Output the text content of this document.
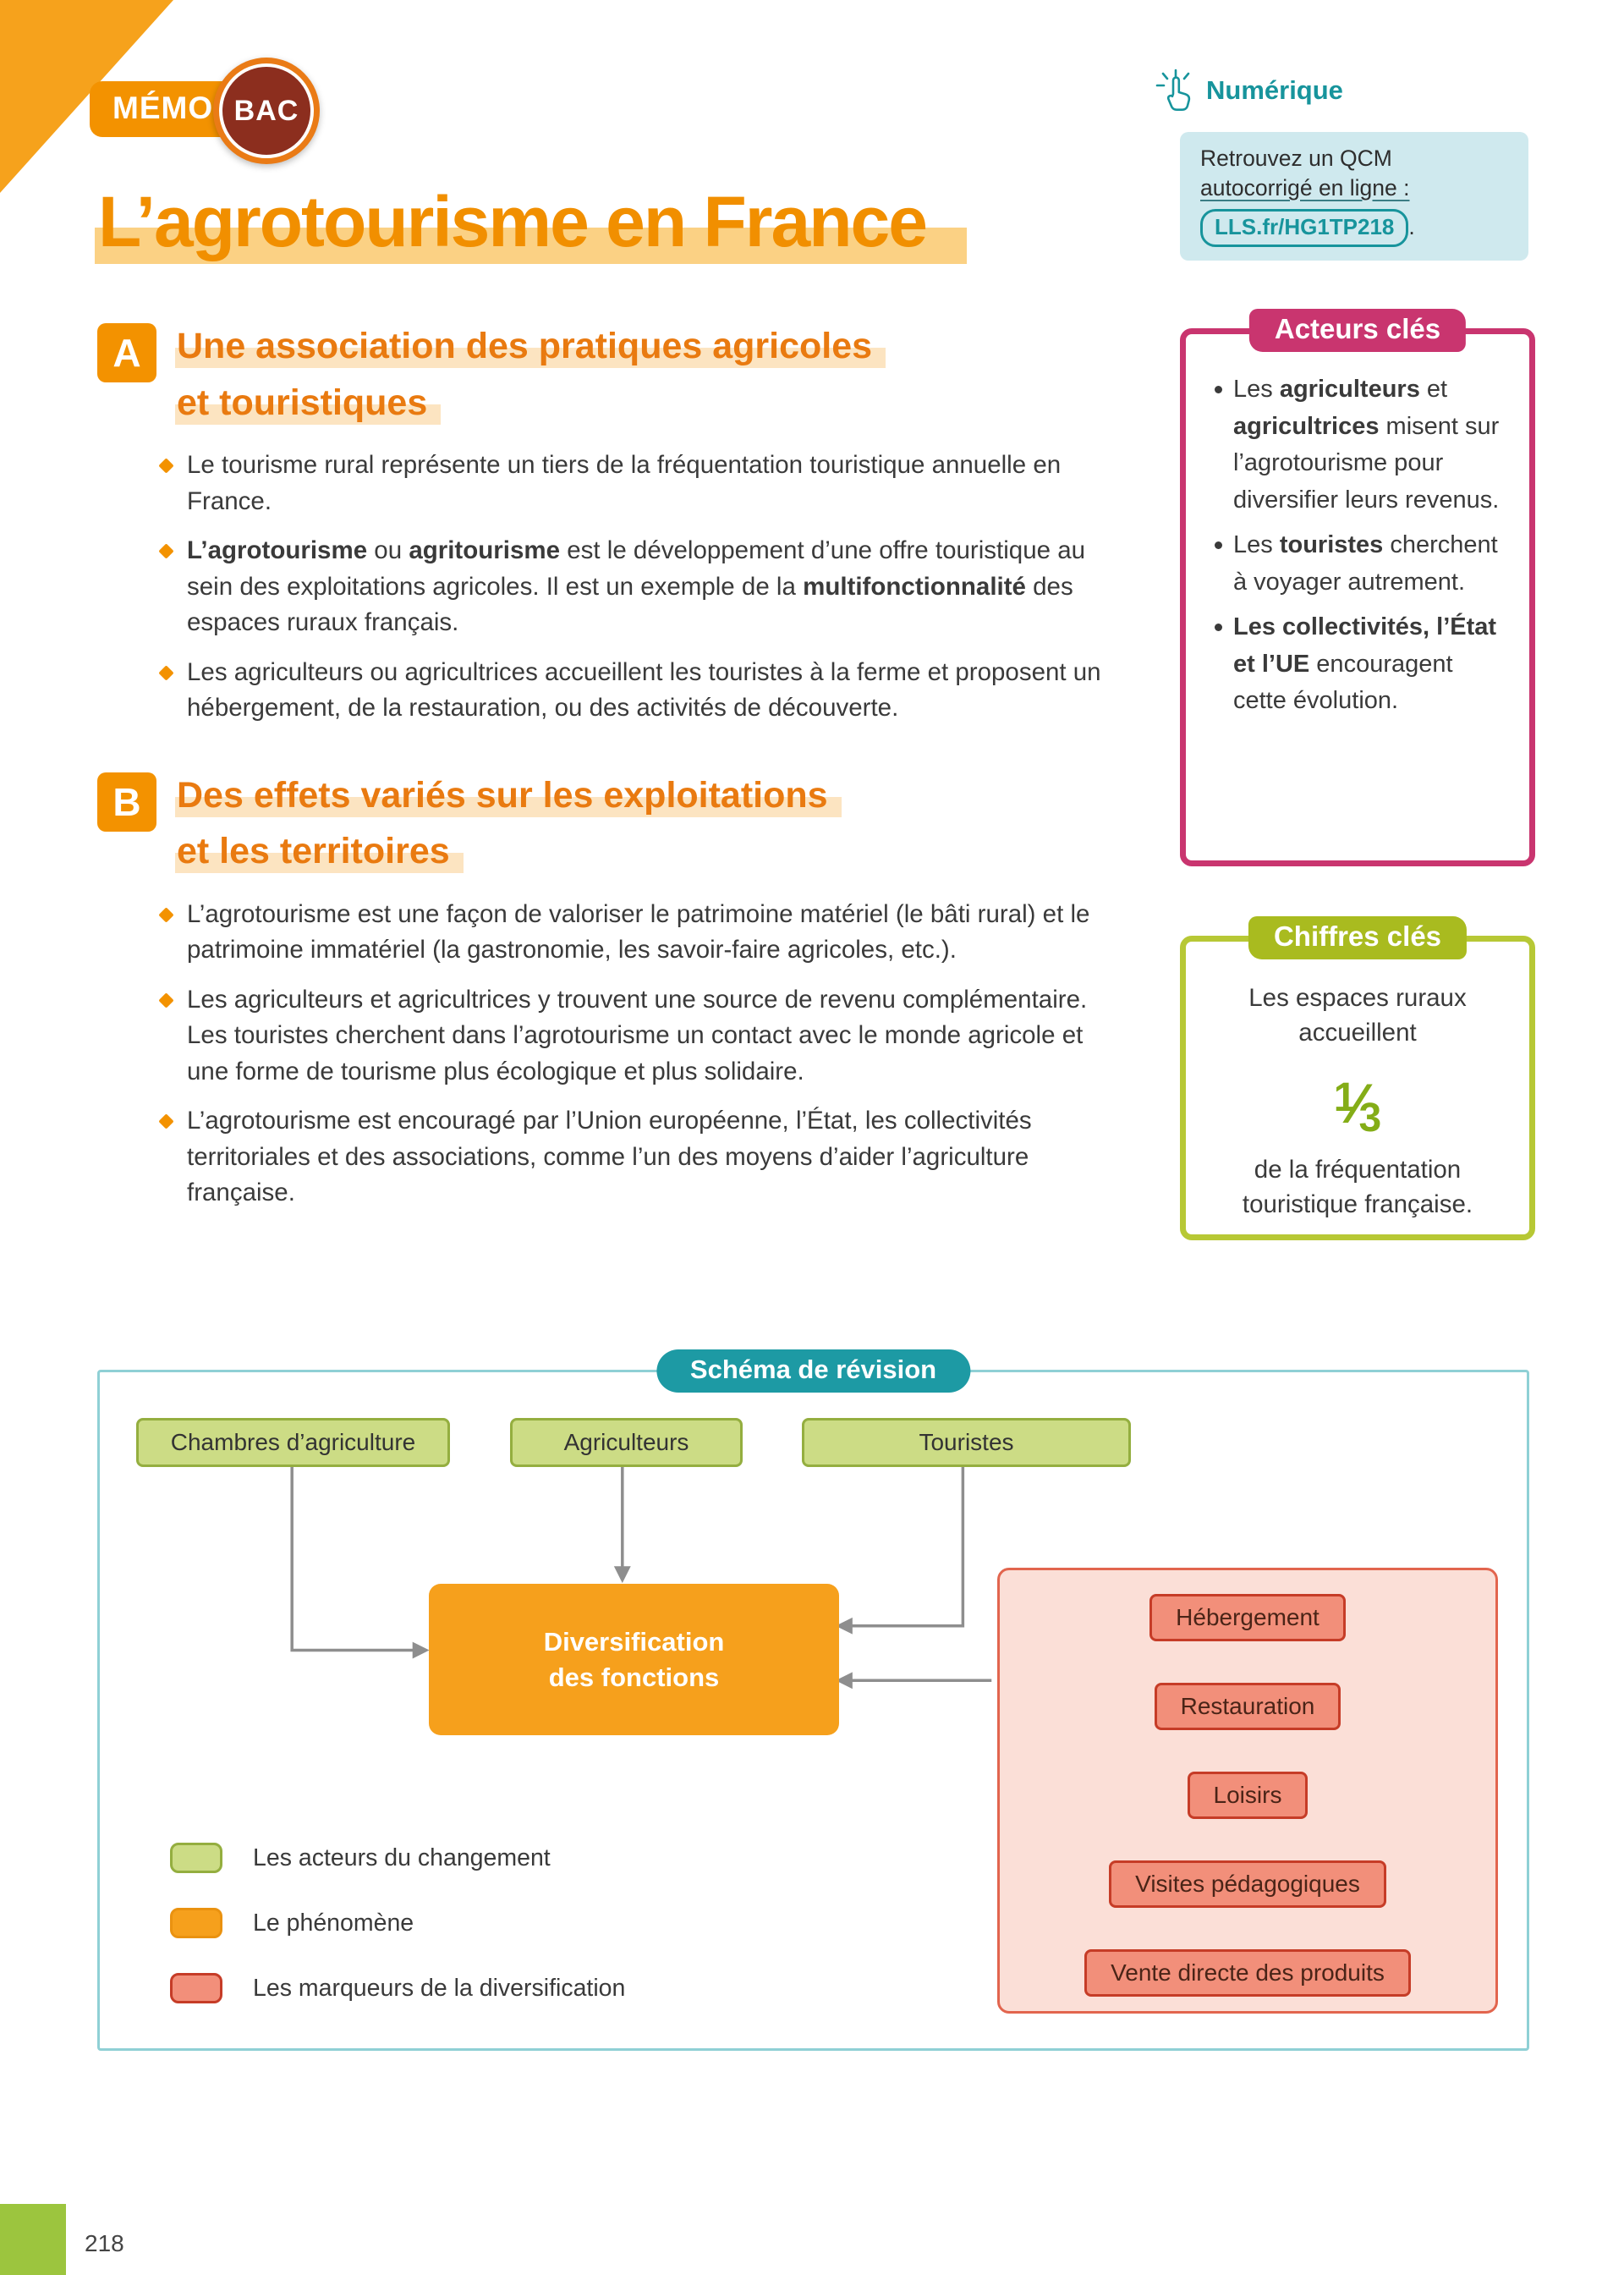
MÉMO BAC
L’agrotourisme en France
Numérique
Retrouvez un QCM
autocorrigé en ligne :
LLS.fr/HG1TP218 .
A Une association des pratiques agricoles
et touristiques
Le tourisme rural représente un tiers de la fréquentation touristique annuelle en France.
L’agrotourisme ou agritourisme est le développement d’une offre touristique au sein des exploitations agricoles. Il est un exemple de la multifonctionnalité des espaces ruraux français.
Les agriculteurs ou agricultrices accueillent les touristes à la ferme et proposent un hébergement, de la restauration, ou des activités de découverte.
B Des effets variés sur les exploitations
et les territoires
L’agrotourisme est une façon de valoriser le patrimoine matériel (le bâti rural) et le patrimoine immatériel (la gastronomie, les savoir-faire agricoles, etc.).
Les agriculteurs et agricultrices y trouvent une source de revenu complémentaire. Les touristes cherchent dans l’agrotourisme un contact avec le monde agricole et une forme de tourisme plus écologique et plus solidaire.
L’agrotourisme est encouragé par l’Union européenne, l’État, les collectivités territoriales et des associations, comme l’un des moyens d’aider l’agriculture française.
Acteurs clés
Les agriculteurs et agricultrices misent sur l’agrotourisme pour diversifier leurs revenus.
Les touristes cherchent à voyager autrement.
Les collectivités, l’État et l’UE encouragent cette évolution.
Chiffres clés
Les espaces ruraux accueillent
1⁄3
de la fréquentation touristique française.
Schéma de révision
Chambres d’agriculture	Agriculteurs	Touristes
Diversification
des fonctions
Hébergement
Restauration
Loisirs
Visites pédagogiques
Vente directe des produits
Les acteurs du changement
Le phénomène
Les marqueurs de la diversification
218
